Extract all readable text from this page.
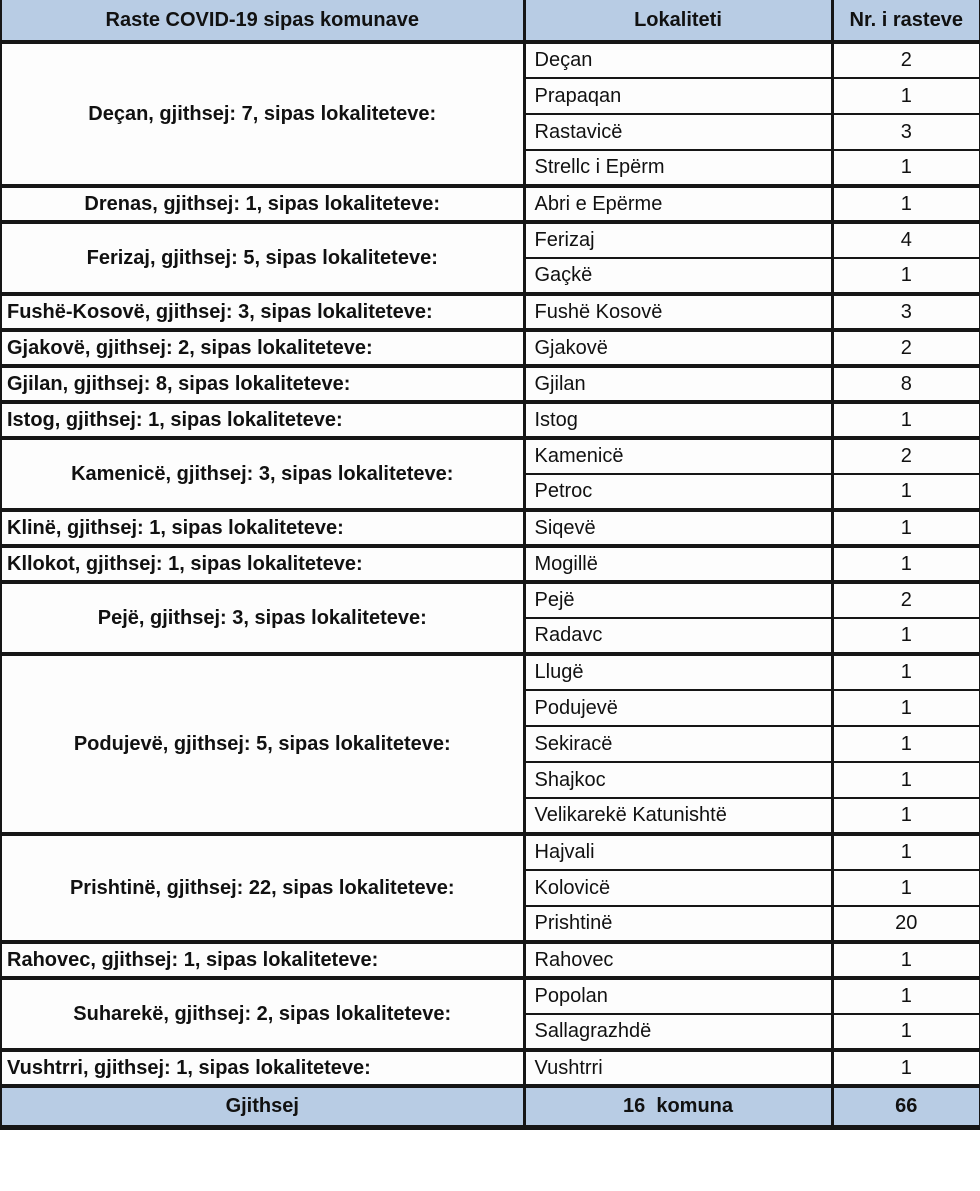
Raste COVID-19 sipas komunave	Lokaliteti	Nr. i rasteve
Deçan, gjithsej: 7, sipas lokaliteteve:	Deçan	2
	Prapaqan	1
	Rastavicë	3
	Strellc i Epërm	1
Drenas, gjithsej: 1, sipas lokaliteteve:	Abri e Epërme	1
Ferizaj, gjithsej: 5, sipas lokaliteteve:	Ferizaj	4
	Gaçkë	1
Fushë-Kosovë, gjithsej: 3, sipas lokaliteteve:	Fushë Kosovë	3
Gjakovë, gjithsej: 2, sipas lokaliteteve:	Gjakovë	2
Gjilan, gjithsej: 8, sipas lokaliteteve:	Gjilan	8
Istog, gjithsej: 1, sipas lokaliteteve:	Istog	1
Kamenicë, gjithsej: 3, sipas lokaliteteve:	Kamenicë	2
	Petroc	1
Klinë, gjithsej: 1, sipas lokaliteteve:	Siqevë	1
Kllokot, gjithsej: 1, sipas lokaliteteve:	Mogillë	1
Pejë, gjithsej: 3, sipas lokaliteteve:	Pejë	2
	Radavc	1
Podujevë, gjithsej: 5, sipas lokaliteteve:	Llugë	1
	Podujevë	1
	Sekiracë	1
	Shajkoc	1
	Velikarekë Katunishtë	1
Prishtinë, gjithsej: 22, sipas lokaliteteve:	Hajvali	1
	Kolovicë	1
	Prishtinë	20
Rahovec, gjithsej: 1, sipas lokaliteteve:	Rahovec	1
Suharekë, gjithsej: 2, sipas lokaliteteve:	Popolan	1
	Sallagrazhdë	1
Vushtrri, gjithsej: 1, sipas lokaliteteve:	Vushtrri	1
Gjithsej	16  komuna	66
